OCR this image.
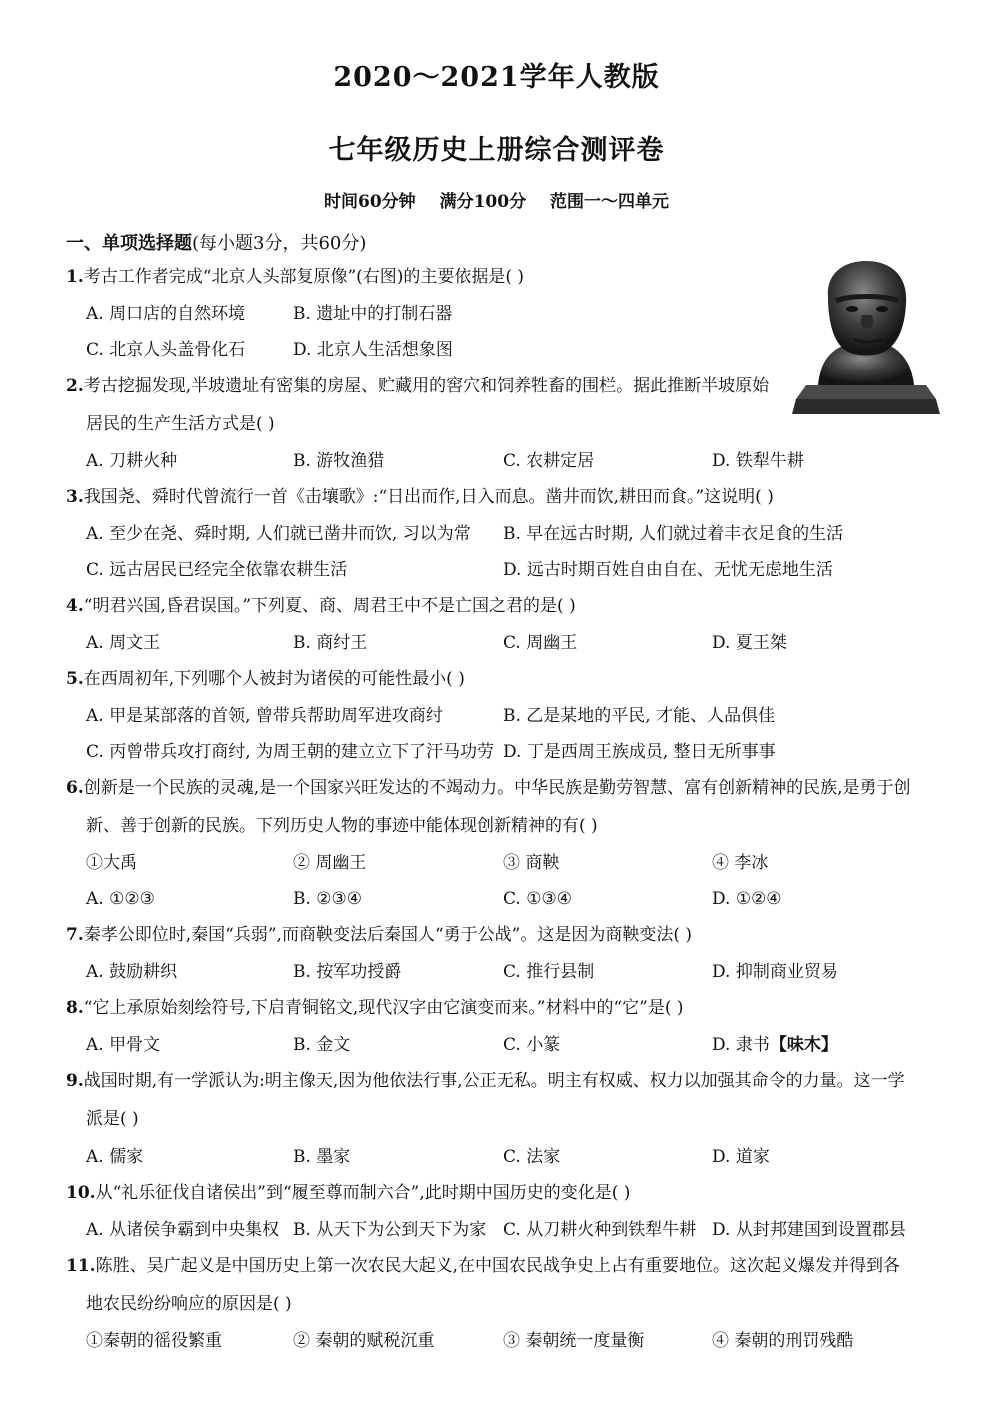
2020～2021学年人教版
七年级历史上册综合测评卷
时间60分钟 满分100分 范围一～四单元
一、单项选择题(每小题3分，共60分)
1.考古工作者完成“北京人头部复原像”(右图)的主要依据是( )
A. 周口店的自然环境	B. 遗址中的打制石器
C. 北京人头盖骨化石	D. 北京人生活想象图
2.考古挖掘发现,半坡遗址有密集的房屋、贮藏用的窖穴和饲养牲畜的围栏。据此推断半坡原始
居民的生产生活方式是( )
A. 刀耕火种	B. 游牧渔猎	C. 农耕定居	D. 铁犁牛耕
3.我国尧、舜时代曾流行一首《击壤歌》:“日出而作,日入而息。凿井而饮,耕田而食。”这说明( )
A. 至少在尧、舜时期, 人们就已凿井而饮, 习以为常 B. 早在远古时期, 人们就过着丰衣足食的生活
C. 远古居民已经完全依靠农耕生活	D. 远古时期百姓自由自在、无忧无虑地生活
4.“明君兴国,昏君误国。”下列夏、商、周君王中不是亡国之君的是( )
A. 周文王	B. 商纣王	C. 周幽王	D. 夏王桀
5.在西周初年,下列哪个人被封为诸侯的可能性最小( )
A. 甲是某部落的首领, 曾带兵帮助周军进攻商纣	B. 乙是某地的平民, 才能、人品俱佳
C. 丙曾带兵攻打商纣, 为周王朝的建立立下了汗马功劳 D. 丁是西周王族成员, 整日无所事事
6.创新是一个民族的灵魂,是一个国家兴旺发达的不竭动力。中华民族是勤劳智慧、富有创新精神的民族,是勇于创
新、善于创新的民族。下列历史人物的事迹中能体现创新精神的有( )
①大禹	② 周幽王	③ 商鞅	④ 李冰
A. ①②③	B. ②③④	C. ①③④	D. ①②④
7.秦孝公即位时,秦国“兵弱”,而商鞅变法后秦国人“勇于公战”。这是因为商鞅变法( )
A. 鼓励耕织	B. 按军功授爵	C. 推行县制	D. 抑制商业贸易
8.“它上承原始刻绘符号,下启青铜铭文,现代汉字由它演变而来。”材料中的“它”是( )
A. 甲骨文	B. 金文	C. 小篆	D. 隶书【味木】
9.战国时期,有一学派认为:明主像天,因为他依法行事,公正无私。明主有权威、权力以加强其命令的力量。这一学
派是( )
A. 儒家	B. 墨家	C. 法家	D. 道家
10.从“礼乐征伐自诸侯出”到“履至尊而制六合”,此时期中国历史的变化是( )
A. 从诸侯争霸到中央集权 B. 从天下为公到天下为家 C. 从刀耕火种到铁犁牛耕 D. 从封邦建国到设置郡县
11.陈胜、吴广起义是中国历史上第一次农民大起义,在中国农民战争史上占有重要地位。这次起义爆发并得到各
地农民纷纷响应的原因是( )
①秦朝的徭役繁重	② 秦朝的赋税沉重	③ 秦朝统一度量衡	④ 秦朝的刑罚残酷
